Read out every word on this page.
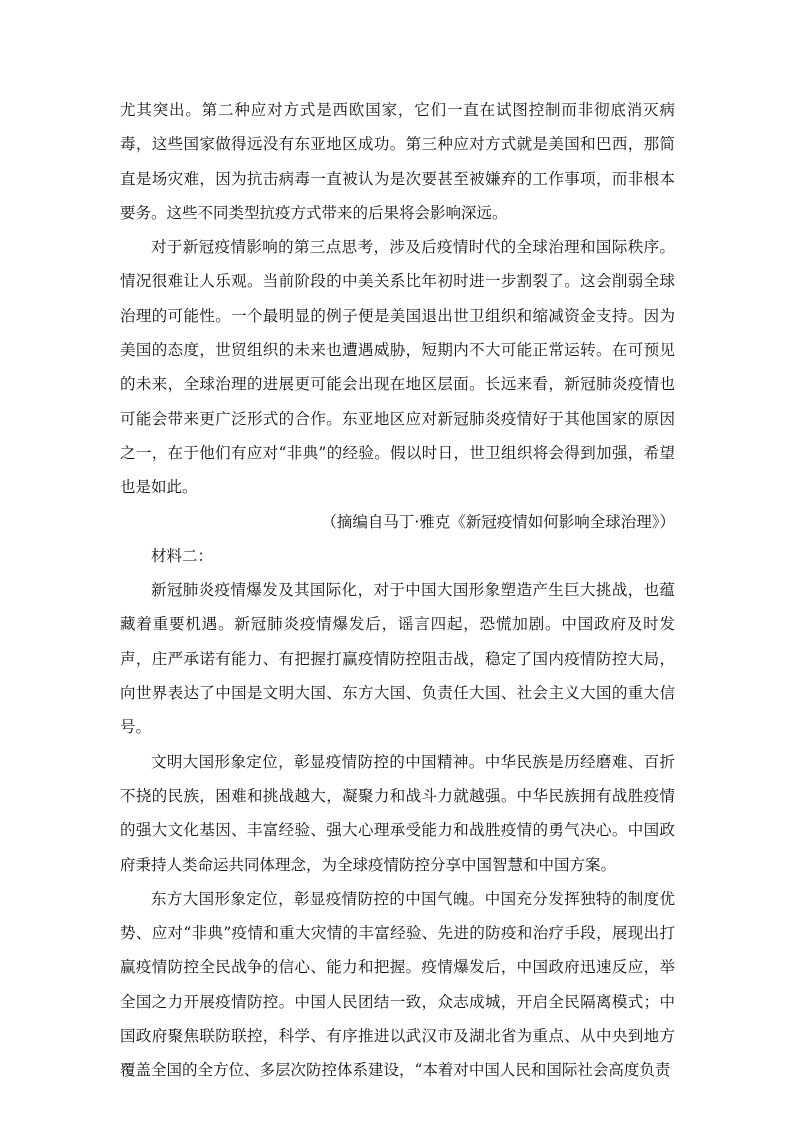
尤其突出。第二种应对方式是西欧国家，它们一直在试图控制而非彻底消灭病毒，这些国家做得远没有东亚地区成功。第三种应对方式就是美国和巴西，那简直是场灾难，因为抗击病毒一直被认为是次要甚至被嫌弃的工作事项，而非根本要务。这些不同类型抗疫方式带来的后果将会影响深远。

对于新冠疫情影响的第三点思考，涉及后疫情时代的全球治理和国际秩序。情况很难让人乐观。当前阶段的中美关系比年初时进一步割裂了。这会削弱全球治理的可能性。一个最明显的例子便是美国退出世卫组织和缩减资金支持。因为美国的态度，世贸组织的未来也遭遇威胁，短期内不大可能正常运转。在可预见的未来，全球治理的进展更可能会出现在地区层面。长远来看，新冠肺炎疫情也可能会带来更广泛形式的合作。东亚地区应对新冠肺炎疫情好于其他国家的原因之一，在于他们有应对“非典”的经验。假以时日，世卫组织将会得到加强，希望也是如此。

（摘编自马丁·雅克《新冠疫情如何影响全球治理》）

材料二：

新冠肺炎疫情爆发及其国际化，对于中国大国形象塑造产生巨大挑战，也蕴藏着重要机遇。新冠肺炎疫情爆发后，谣言四起，恐慌加剧。中国政府及时发声，庄严承诺有能力、有把握打赢疫情防控阻击战，稳定了国内疫情防控大局，向世界表达了中国是文明大国、东方大国、负责任大国、社会主义大国的重大信号。

文明大国形象定位，彰显疫情防控的中国精神。中华民族是历经磨难、百折不挠的民族，困难和挑战越大，凝聚力和战斗力就越强。中华民族拥有战胜疫情的强大文化基因、丰富经验、强大心理承受能力和战胜疫情的勇气决心。中国政府秉持人类命运共同体理念，为全球疫情防控分享中国智慧和中国方案。

东方大国形象定位，彰显疫情防控的中国气魄。中国充分发挥独特的制度优势、应对“非典”疫情和重大灾情的丰富经验、先进的防疫和治疗手段，展现出打赢疫情防控全民战争的信心、能力和把握。疫情爆发后，中国政府迅速反应，举全国之力开展疫情防控。中国人民团结一致，众志成城，开启全民隔离模式；中国政府聚焦联防联控，科学、有序推进以武汉市及湖北省为重点、从中央到地方覆盖全国的全方位、多层次防控体系建设，“本着对中国人民和国际社会高度负责
